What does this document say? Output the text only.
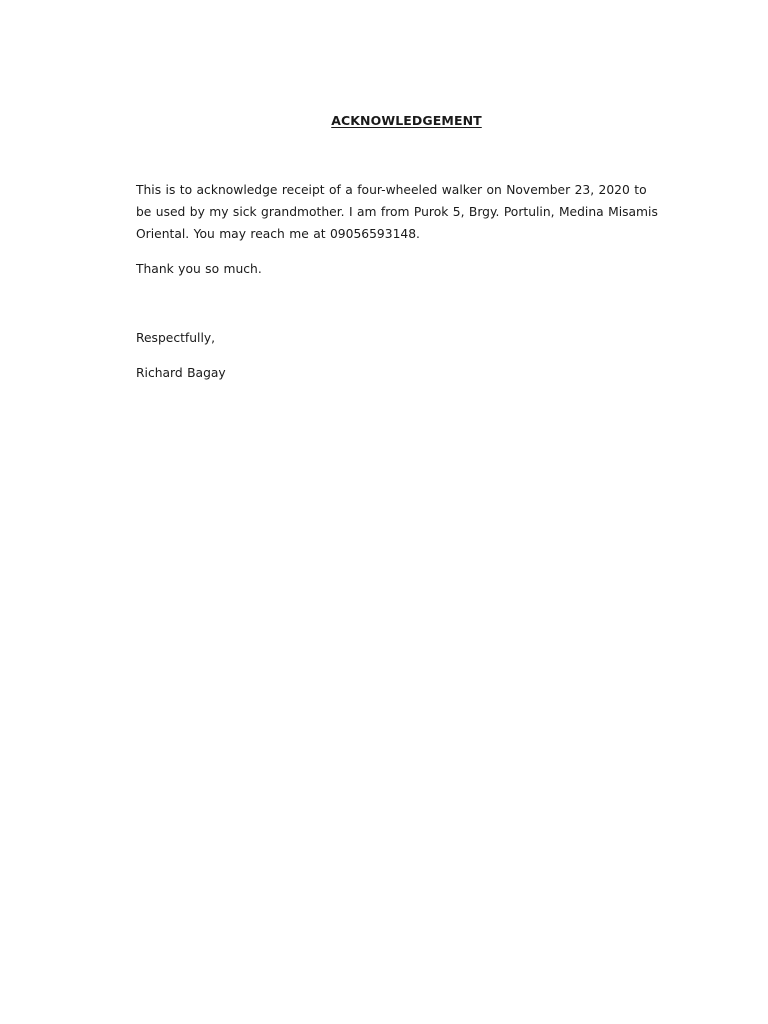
ACKNOWLEDGEMENT
This is to acknowledge receipt of a four-wheeled walker on November 23, 2020 to be used by my sick grandmother. I am from Purok 5, Brgy. Portulin, Medina Misamis Oriental. You may reach me at 09056593148.
Thank you so much.
Respectfully,
Richard Bagay
